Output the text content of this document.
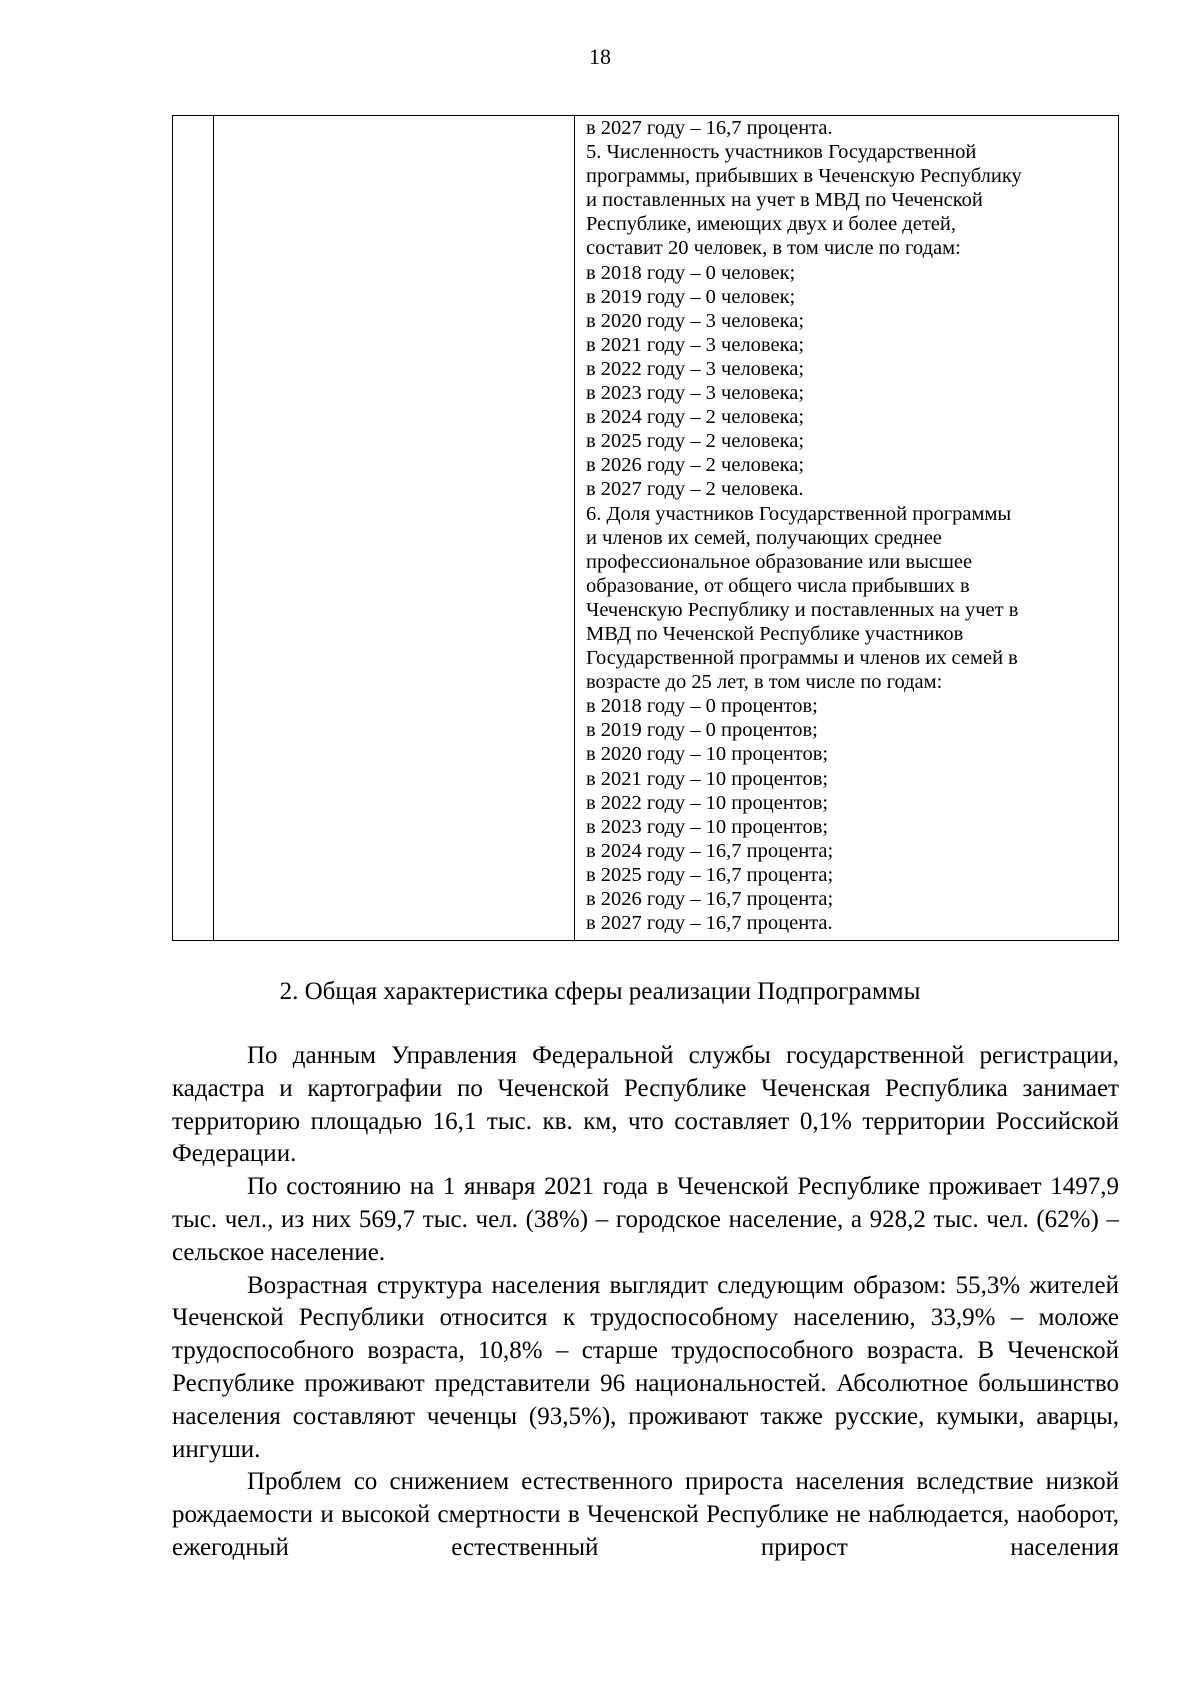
18

в 2027 году – 16,7 процента.
5. Численность участников Государственной
программы, прибывших в Чеченскую Республику
и поставленных на учет в МВД по Чеченской
Республике, имеющих двух и более детей,
составит 20 человек, в том числе по годам:
в 2018 году – 0 человек;
в 2019 году – 0 человек;
в 2020 году – 3 человека;
в 2021 году – 3 человека;
в 2022 году – 3 человека;
в 2023 году – 3 человека;
в 2024 году – 2 человека;
в 2025 году – 2 человека;
в 2026 году – 2 человека;
в 2027 году – 2 человека.
6. Доля участников Государственной программы
и членов их семей, получающих среднее
профессиональное образование или высшее
образование, от общего числа прибывших в
Чеченскую Республику и поставленных на учет в
МВД по Чеченской Республике участников
Государственной программы и членов их семей в
возрасте до 25 лет, в том числе по годам:
в 2018 году – 0 процентов;
в 2019 году – 0 процентов;
в 2020 году – 10 процентов;
в 2021 году – 10 процентов;
в 2022 году – 10 процентов;
в 2023 году – 10 процентов;
в 2024 году – 16,7 процента;
в 2025 году – 16,7 процента;
в 2026 году – 16,7 процента;
в 2027 году – 16,7 процента.
2. Общая характеристика сферы реализации Подпрограммы

По данным Управления Федеральной службы государственной регистрации, кадастра и картографии по Чеченской Республике Чеченская Республика занимает территорию площадью 16,1 тыс. кв. км, что составляет 0,1% территории Российской Федерации.

По состоянию на 1 января 2021 года в Чеченской Республике проживает 1497,9 тыс. чел., из них 569,7 тыс. чел. (38%) – городское население, а 928,2 тыс. чел. (62%) – сельское население.

Возрастная структура населения выглядит следующим образом: 55,3% жителей Чеченской Республики относится к трудоспособному населению, 33,9% – моложе трудоспособного возраста, 10,8% – старше трудоспособного возраста. В Чеченской Республике проживают представители 96 национальностей. Абсолютное большинство населения составляют чеченцы (93,5%), проживают также русские, кумыки, аварцы, ингуши.

Проблем со снижением естественного прироста населения вследствие низкой рождаемости и высокой смертности в Чеченской Республике не наблюдается, наоборот, ежегодный естественный прирост населения
